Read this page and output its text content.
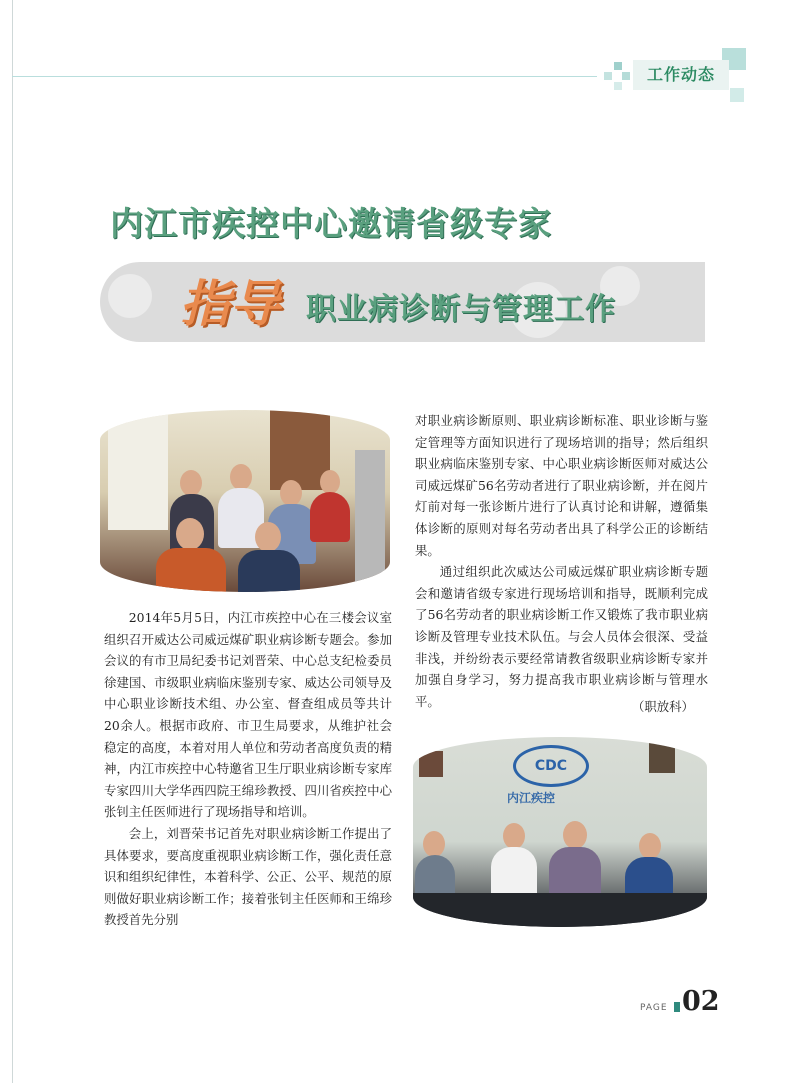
工作动态
内江市疾控中心邀请省级专家
指导 职业病诊断与管理工作
CDC
内江疾控

2014年5月5日，内江市疾控中心在三楼会议室组织召开威达公司威远煤矿职业病诊断专题会。参加会议的有市卫局纪委书记刘晋荣、中心总支纪检委员徐建国、市级职业病临床鉴别专家、威达公司领导及中心职业诊断技术组、办公室、督查组成员等共计20余人。根据市政府、市卫生局要求，从维护社会稳定的高度，本着对用人单位和劳动者高度负责的精神，内江市疾控中心特邀省卫生厅职业病诊断专家库专家四川大学华西四院王绵珍教授、四川省疾控中心张钊主任医师进行了现场指导和培训。

会上，刘晋荣书记首先对职业病诊断工作提出了具体要求，要高度重视职业病诊断工作，强化责任意识和组织纪律性，本着科学、公正、公平、规范的原则做好职业病诊断工作；接着张钊主任医师和王绵珍教授首先分别

对职业病诊断原则、职业病诊断标准、职业诊断与鉴定管理等方面知识进行了现场培训的指导；然后组织职业病临床鉴别专家、中心职业病诊断医师对威达公司威远煤矿56名劳动者进行了职业病诊断，并在阅片灯前对每一张诊断片进行了认真讨论和讲解，遵循集体诊断的原则对每名劳动者出具了科学公正的诊断结果。

通过组织此次威达公司威远煤矿职业病诊断专题会和邀请省级专家进行现场培训和指导，既顺利完成了56名劳动者的职业病诊断工作又锻炼了我市职业病诊断及管理专业技术队伍。与会人员体会很深、受益非浅，并纷纷表示要经常请教省级职业病诊断专家并加强自身学习，努力提高我市职业病诊断与管理水平。	（职放科）
PAGE 02
